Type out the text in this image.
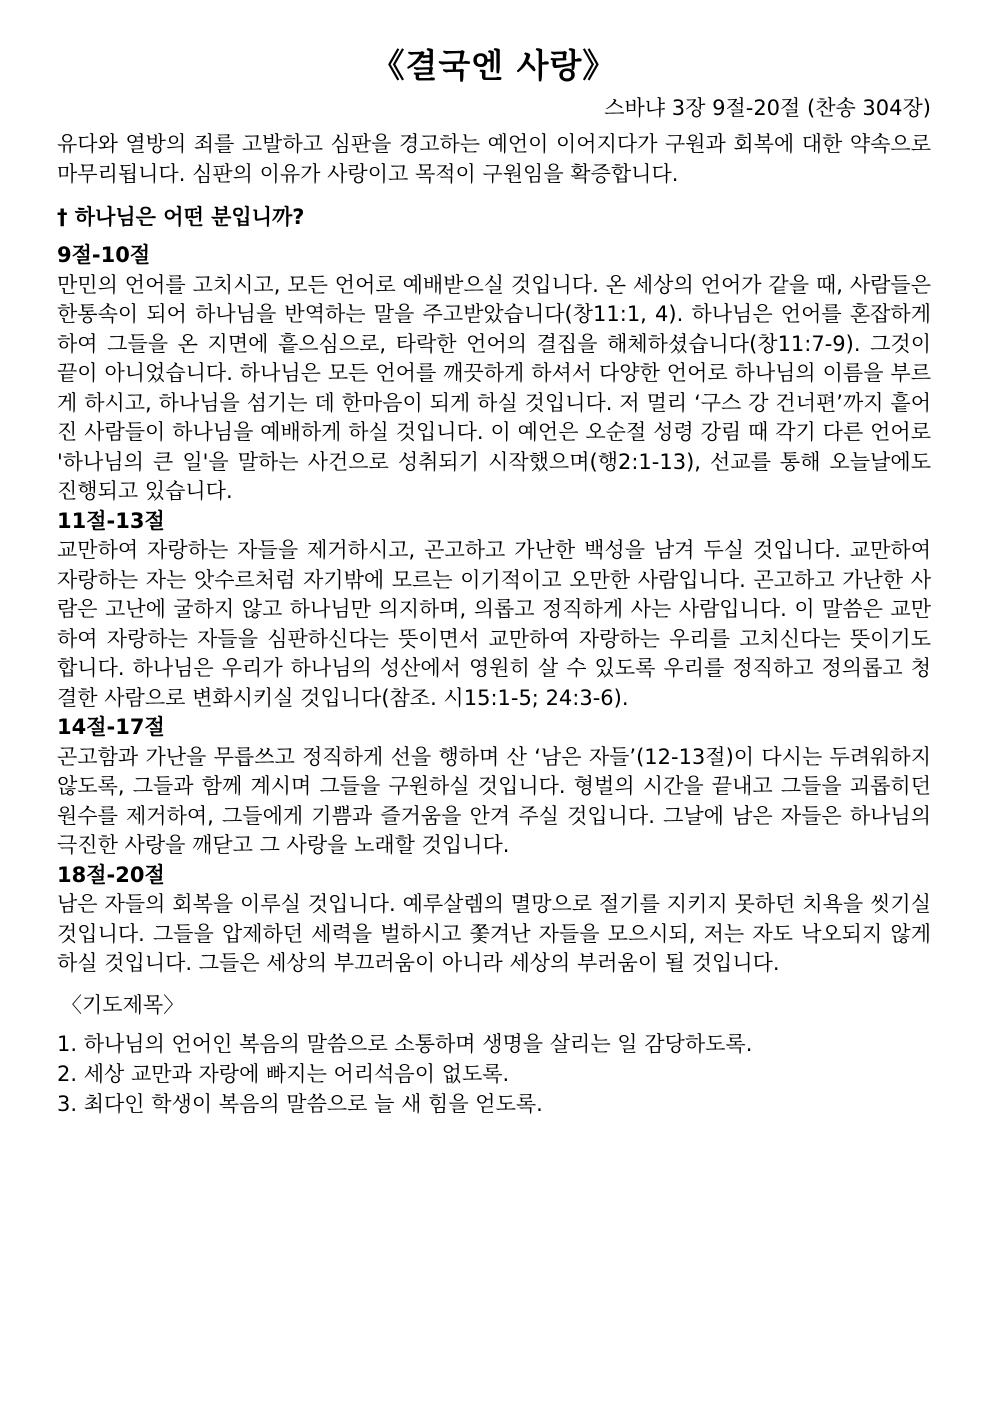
《결국엔 사랑》

스바냐 3장 9절-20절 (찬송 304장)

유다와 열방의 죄를 고발하고 심판을 경고하는 예언이 이어지다가 구원과 회복에 대한 약속으로 마무리됩니다. 심판의 이유가 사랑이고 목적이 구원임을 확증합니다.

† 하나님은 어떤 분입니까?

9절-10절

만민의 언어를 고치시고, 모든 언어로 예배받으실 것입니다. 온 세상의 언어가 같을 때, 사람들은 한통속이 되어 하나님을 반역하는 말을 주고받았습니다(창11:1, 4). 하나님은 언어를 혼잡하게 하여 그들을 온 지면에 흩으심으로, 타락한 언어의 결집을 해체하셨습니다(창11:7-9). 그것이 끝이 아니었습니다. 하나님은 모든 언어를 깨끗하게 하셔서 다양한 언어로 하나님의 이름을 부르게 하시고, 하나님을 섬기는 데 한마음이 되게 하실 것입니다. 저 멀리 ‘구스 강 건너편’까지 흩어진 사람들이 하나님을 예배하게 하실 것입니다. 이 예언은 오순절 성령 강림 때 각기 다른 언어로 '하나님의 큰 일'을 말하는 사건으로 성취되기 시작했으며(행2:1-13), 선교를 통해 오늘날에도 진행되고 있습니다.

11절-13절

교만하여 자랑하는 자들을 제거하시고, 곤고하고 가난한 백성을 남겨 두실 것입니다. 교만하여 자랑하는 자는 앗수르처럼 자기밖에 모르는 이기적이고 오만한 사람입니다. 곤고하고 가난한 사람은 고난에 굴하지 않고 하나님만 의지하며, 의롭고 정직하게 사는 사람입니다. 이 말씀은 교만하여 자랑하는 자들을 심판하신다는 뜻이면서 교만하여 자랑하는 우리를 고치신다는 뜻이기도 합니다. 하나님은 우리가 하나님의 성산에서 영원히 살 수 있도록 우리를 정직하고 정의롭고 청결한 사람으로 변화시키실 것입니다(참조. 시15:1-5; 24:3-6).

14절-17절

곤고함과 가난을 무릅쓰고 정직하게 선을 행하며 산 ‘남은 자들’(12-13절)이 다시는 두려워하지 않도록, 그들과 함께 계시며 그들을 구원하실 것입니다. 형벌의 시간을 끝내고 그들을 괴롭히던 원수를 제거하여, 그들에게 기쁨과 즐거움을 안겨 주실 것입니다. 그날에 남은 자들은 하나님의 극진한 사랑을 깨닫고 그 사랑을 노래할 것입니다.

18절-20절

남은 자들의 회복을 이루실 것입니다. 예루살렘의 멸망으로 절기를 지키지 못하던 치욕을 씻기실 것입니다. 그들을 압제하던 세력을 벌하시고 쫓겨난 자들을 모으시되, 저는 자도 낙오되지 않게 하실 것입니다. 그들은 세상의 부끄러움이 아니라 세상의 부러움이 될 것입니다.

〈기도제목〉

1. 하나님의 언어인 복음의 말씀으로 소통하며 생명을 살리는 일 감당하도록.
2. 세상 교만과 자랑에 빠지는 어리석음이 없도록.
3. 최다인 학생이 복음의 말씀으로 늘 새 힘을 얻도록.
